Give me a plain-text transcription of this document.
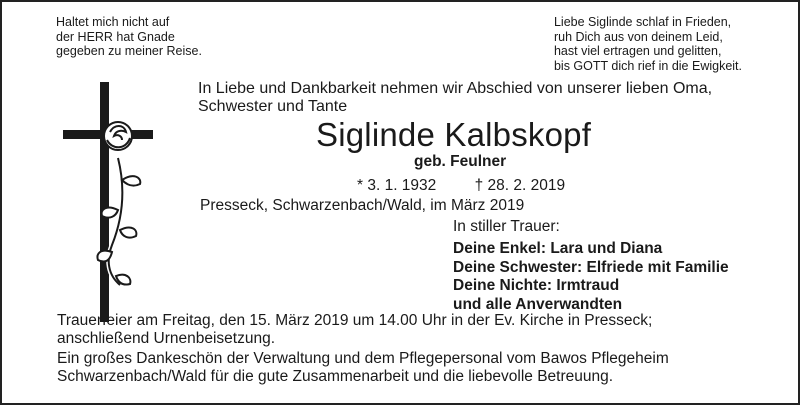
Haltet mich nicht auf
der HERR hat Gnade
gegeben zu meiner Reise.
Liebe Siglinde schlaf in Frieden,
ruh Dich aus von deinem Leid,
hast viel ertragen und gelitten,
bis GOTT dich rief in die Ewigkeit.
In Liebe und Dankbarkeit nehmen wir Abschied von unserer lieben Oma,
Schwester und Tante
Siglinde Kalbskopf
geb. Feulner
* 3. 1. 1932 † 28. 2. 2019
Presseck, Schwarzenbach/Wald, im März 2019
In stiller Trauer:
Deine Enkel: Lara und Diana
Deine Schwester: Elfriede mit Familie
Deine Nichte: Irmtraud
und alle Anverwandten
Trauerfeier am Freitag, den 15. März 2019 um 14.00 Uhr in der Ev. Kirche in Presseck;
anschließend Urnenbeisetzung.
Ein großes Dankeschön der Verwaltung und dem Pflegepersonal vom Bawos Pflegeheim
Schwarzenbach/Wald für die gute Zusammenarbeit und die liebevolle Betreuung.
